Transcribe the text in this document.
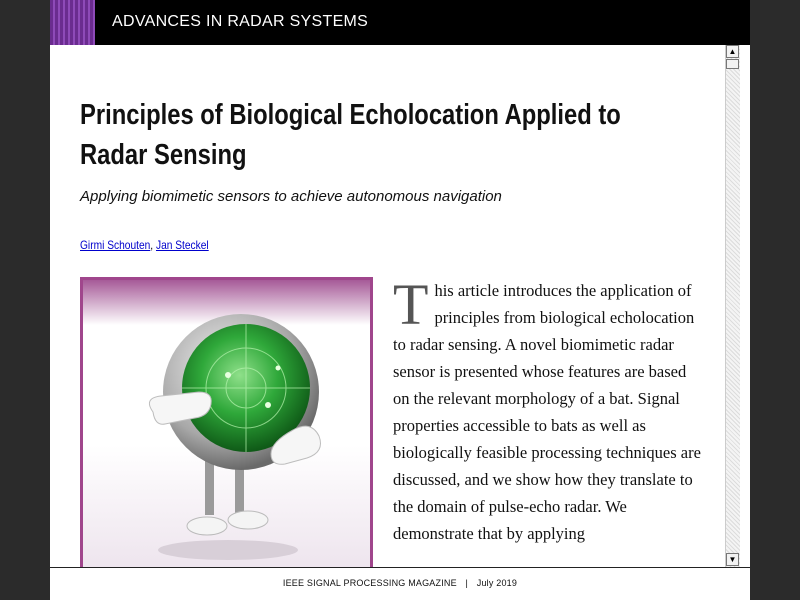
ADVANCES IN RADAR SYSTEMS
Principles of Biological Echolocation Applied to Radar Sensing
Applying biomimetic sensors to achieve autonomous navigation
Girmi Schouten, Jan Steckel
This article introduces the application of principles from biological echolocation to radar sensing. A novel biomimetic radar sensor is presented whose features are based on the relevant morphology of a bat. Signal properties accessible to bats as well as biologically feasible processing techniques are discussed, and we show how they translate to the domain of pulse-echo radar. We demonstrate that by applying
▲
▼
IEEE SIGNAL PROCESSING MAGAZINE | July 2019
